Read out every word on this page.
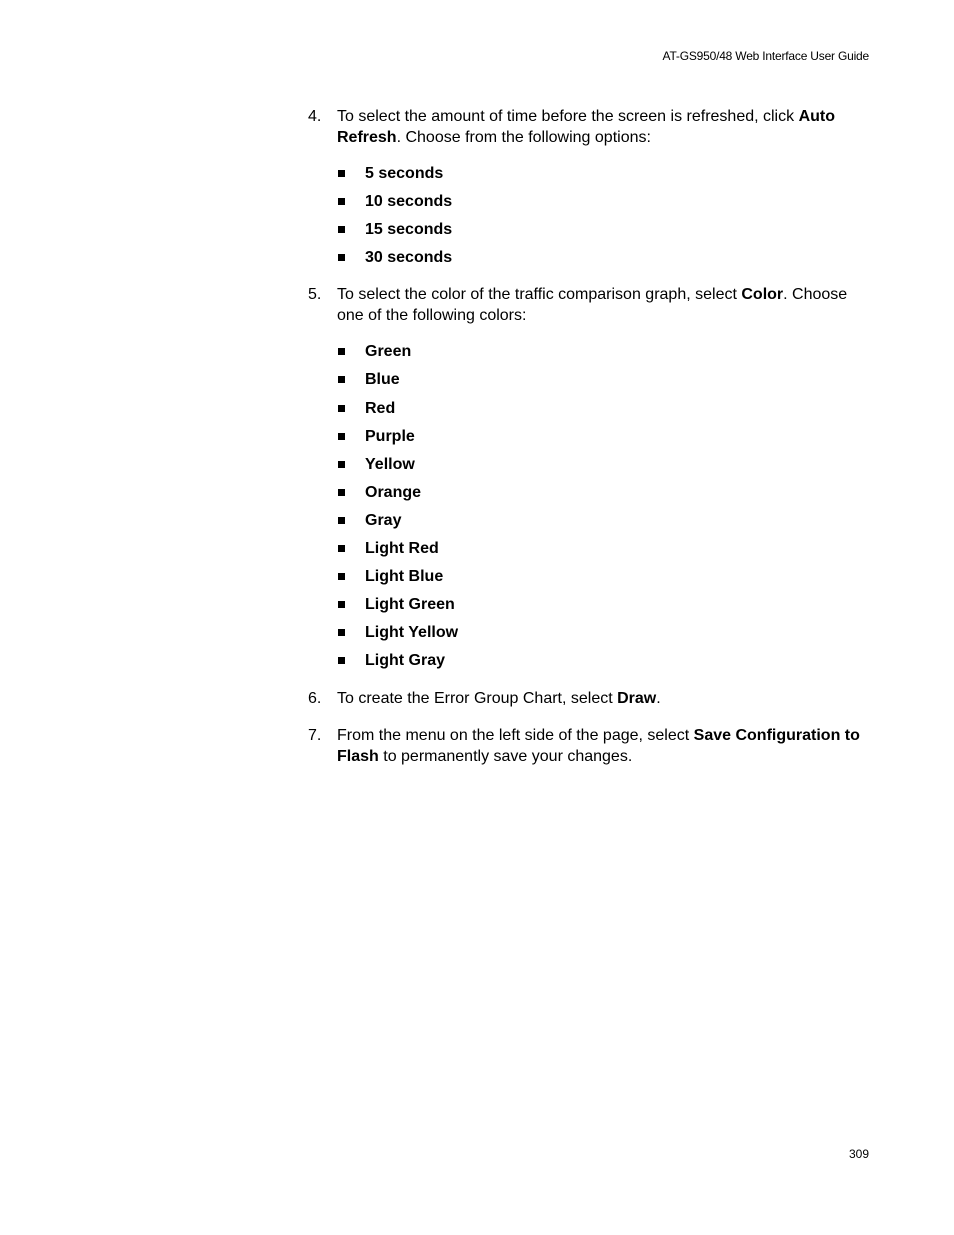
AT-GS950/48 Web Interface User Guide
4. To select the amount of time before the screen is refreshed, click Auto Refresh. Choose from the following options:

5 seconds
10 seconds
15 seconds
30 seconds
5. To select the color of the traffic comparison graph, select Color. Choose one of the following colors:

Green
Blue
Red
Purple
Yellow
Orange
Gray
Light Red
Light Blue
Light Green
Light Yellow
Light Gray
6. To create the Error Group Chart, select Draw.

7. From the menu on the left side of the page, select Save Configuration to Flash to permanently save your changes.

309
